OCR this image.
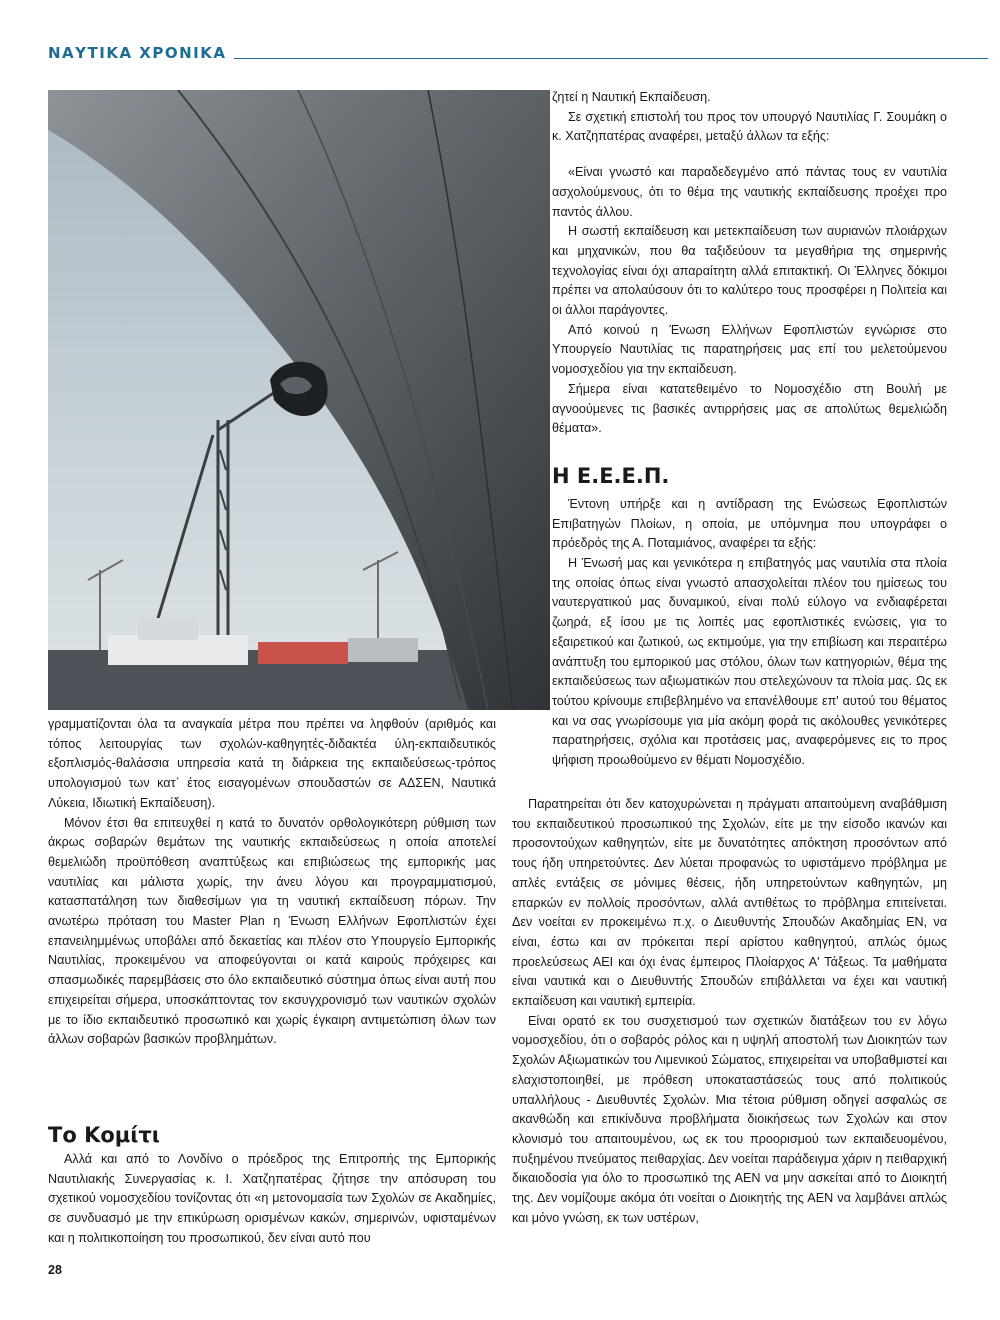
ΝΑΥΤΙΚΑ ΧΡΟΝΙΚΑ

ζητεί η Ναυτική Εκπαίδευση.

Σε σχετική επιστολή του προς τον υπουργό Ναυτιλίας Γ. Σουμάκη ο κ. Χατζηπατέρας αναφέρει, μεταξύ άλλων τα εξής:

«Είναι γνωστό και παραδεδεγμένο από πάντας τους εν ναυτιλία ασχολούμενους, ότι το θέμα της ναυτικής εκπαίδευσης προέχει προ παντός άλλου.

Η σωστή εκπαίδευση και μετεκπαίδευση των αυριανών πλοιάρχων και μηχανικών, που θα ταξιδεύουν τα μεγαθήρια της σημερινής τεχνολογίας είναι όχι απαραίτητη αλλά επιτακτική. Οι Έλληνες δόκιμοι πρέπει να απολαύσουν ότι το καλύτερο τους προσφέρει η Πολιτεία και οι άλλοι παράγοντες.

Από κοινού η Ένωση Ελλήνων Εφοπλιστών εγνώρισε στο Υπουργείο Ναυτιλίας τις παρατηρήσεις μας επί του μελετούμενου νομοσχεδίου για την εκπαίδευση.

Σήμερα είναι κατατεθειμένο το Νομοσχέδιο στη Βουλή με αγνοούμενες τις βασικές αντιρρήσεις μας σε απολύτως θεμελιώδη θέματα».

Η Ε.Ε.Ε.Π.

Έντονη υπήρξε και η αντίδραση της Ενώσεως Εφοπλιστών Επιβατηγών Πλοίων, η οποία, με υπόμνημα που υπογράφει ο πρόεδρός της Α. Ποταμιάνος, αναφέρει τα εξής:

Η Ένωσή μας και γενικότερα η επιβατηγός μας ναυτιλία στα πλοία της οποίας όπως είναι γνωστό απασχολείται πλέον του ημίσεως του ναυτεργατικού μας δυναμικού, είναι πολύ εύλογο να ενδιαφέρεται ζωηρά, εξ ίσου με τις λοιπές μας εφοπλιστικές ενώσεις, για το εξαιρετικού και ζωτικού, ως εκτιμούμε, για την επιβίωση και περαιτέρω ανάπτυξη του εμπορικού μας στόλου, όλων των κατηγοριών, θέμα της εκπαιδεύσεως των αξιωματικών που στελεχώνουν τα πλοία μας. Ως εκ τούτου κρίνουμε επιβεβλημένο να επανέλθουμε επ' αυτού του θέματος και να σας γνωρίσουμε για μία ακόμη φορά τις ακόλουθες γενικότερες παρατηρήσεις, σχόλια και προτάσεις μας, αναφερόμενες εις το προς ψήφιση προωθούμενο εν θέματι Νομοσχέδιο.

γραμματίζονται όλα τα αναγκαία μέτρα που πρέπει να ληφθούν (αριθμός και τόπος λειτουργίας των σχολών-καθηγητές-διδακτέα ύλη-εκπαιδευτικός εξοπλισμός-θαλάσσια υπηρεσία κατά τη διάρκεια της εκπαιδεύσεως-τρόπος υπολογισμού των κατ΄ έτος εισαγομένων σπουδαστών σε ΑΔΣΕΝ, Ναυτικά Λύκεια, Ιδιωτική Εκπαίδευση).

Μόνον έτσι θα επιτευχθεί η κατά το δυνατόν ορθολογικότερη ρύθμιση των άκρως σοβαρών θεμάτων της ναυτικής εκπαιδεύσεως η οποία αποτελεί θεμελιώδη προϋπόθεση αναπτύξεως και επιβιώσεως της εμπορικής μας ναυτιλίας και μάλιστα χωρίς, την άνευ λόγου και προγραμματισμού, κατασπατάληση των διαθεσίμων για τη ναυτική εκπαίδευση πόρων. Την ανωτέρω πρόταση του Master Plan η Ένωση Ελλήνων Εφοπλιστών έχει επανειλημμένως υποβάλει από δεκαετίας και πλέον στο Υπουργείο Εμπορικής Ναυτιλίας, προκειμένου να αποφεύγονται οι κατά καιρούς πρόχειρες και σπασμωδικές παρεμβάσεις στο όλο εκπαιδευτικό σύστημα όπως είναι αυτή που επιχειρείται σήμερα, υποσκάπτοντας τον εκσυγχρονισμό των ναυτικών σχολών με το ίδιο εκπαιδευτικό προσωπικό και χωρίς έγκαιρη αντιμετώπιση όλων των άλλων σοβαρών βασικών προβλημάτων.

Το Κομίτι

Αλλά και από το Λονδίνο ο πρόεδρος της Επιτροπής της Εμπορικής Ναυτιλιακής Συνεργασίας κ. Ι. Χατζηπατέρας ζήτησε την απόσυρση του σχετικού νομοσχεδίου τονίζοντας ότι «η μετονομασία των Σχολών σε Ακαδημίες, σε συνδυασμό με την επικύρωση ορισμένων κακών, σημερινών, υφισταμένων και η πολιτικοποίηση του προσωπικού, δεν είναι αυτό που

Παρατηρείται ότι δεν κατοχυρώνεται η πράγματι απαιτούμενη αναβάθμιση του εκπαιδευτικού προσωπικού της Σχολών, είτε με την είσοδο ικανών και προσοντούχων καθηγητών, είτε με δυνατότητες απόκτηση προσόντων από τους ήδη υπηρετούντες. Δεν λύεται προφανώς το υφιστάμενο πρόβλημα με απλές εντάξεις σε μόνιμες θέσεις, ήδη υπηρετούντων καθηγητών, μη επαρκών εν πολλοίς προσόντων, αλλά αντιθέτως το πρόβλημα επιτείνεται. Δεν νοείται εν προκειμένω π.χ. ο Διευθυντής Σπουδών Ακαδημίας ΕΝ, να είναι, έστω και αν πρόκειται περί αρίστου καθηγητού, απλώς όμως προελεύσεως ΑΕΙ και όχι ένας έμπειρος Πλοίαρχος Α' Τάξεως. Τα μαθήματα είναι ναυτικά και ο Διευθυντής Σπουδών επιβάλλεται να έχει και ναυτική εκπαίδευση και ναυτική εμπειρία.

Είναι ορατό εκ του συσχετισμού των σχετικών διατάξεων του εν λόγω νομοσχεδίου, ότι ο σοβαρός ρόλος και η υψηλή αποστολή των Διοικητών των Σχολών Αξιωματικών του Λιμενικού Σώματος, επιχειρείται να υποβαθμιστεί και ελαχιστοποιηθεί, με πρόθεση υποκαταστάσεώς τους από πολιτικούς υπαλλήλους - Διευθυντές Σχολών. Μια τέτοια ρύθμιση οδηγεί ασφαλώς σε ακανθώδη και επικίνδυνα προβλήματα διοικήσεως των Σχολών και στον κλονισμό του απαιτουμένου, ως εκ του προορισμού των εκπαιδευομένου, πυξημένου πνεύματος πειθαρχίας. Δεν νοείται παράδειγμα χάριν η πειθαρχική δικαιοδοσία για όλο το προσωπικό της ΑΕΝ να μην ασκείται από το Διοικητή της. Δεν νομίζουμε ακόμα ότι νοείται ο Διοικητής της ΑΕΝ να λαμβάνει απλώς και μόνο γνώση, εκ των υστέρων,

28
